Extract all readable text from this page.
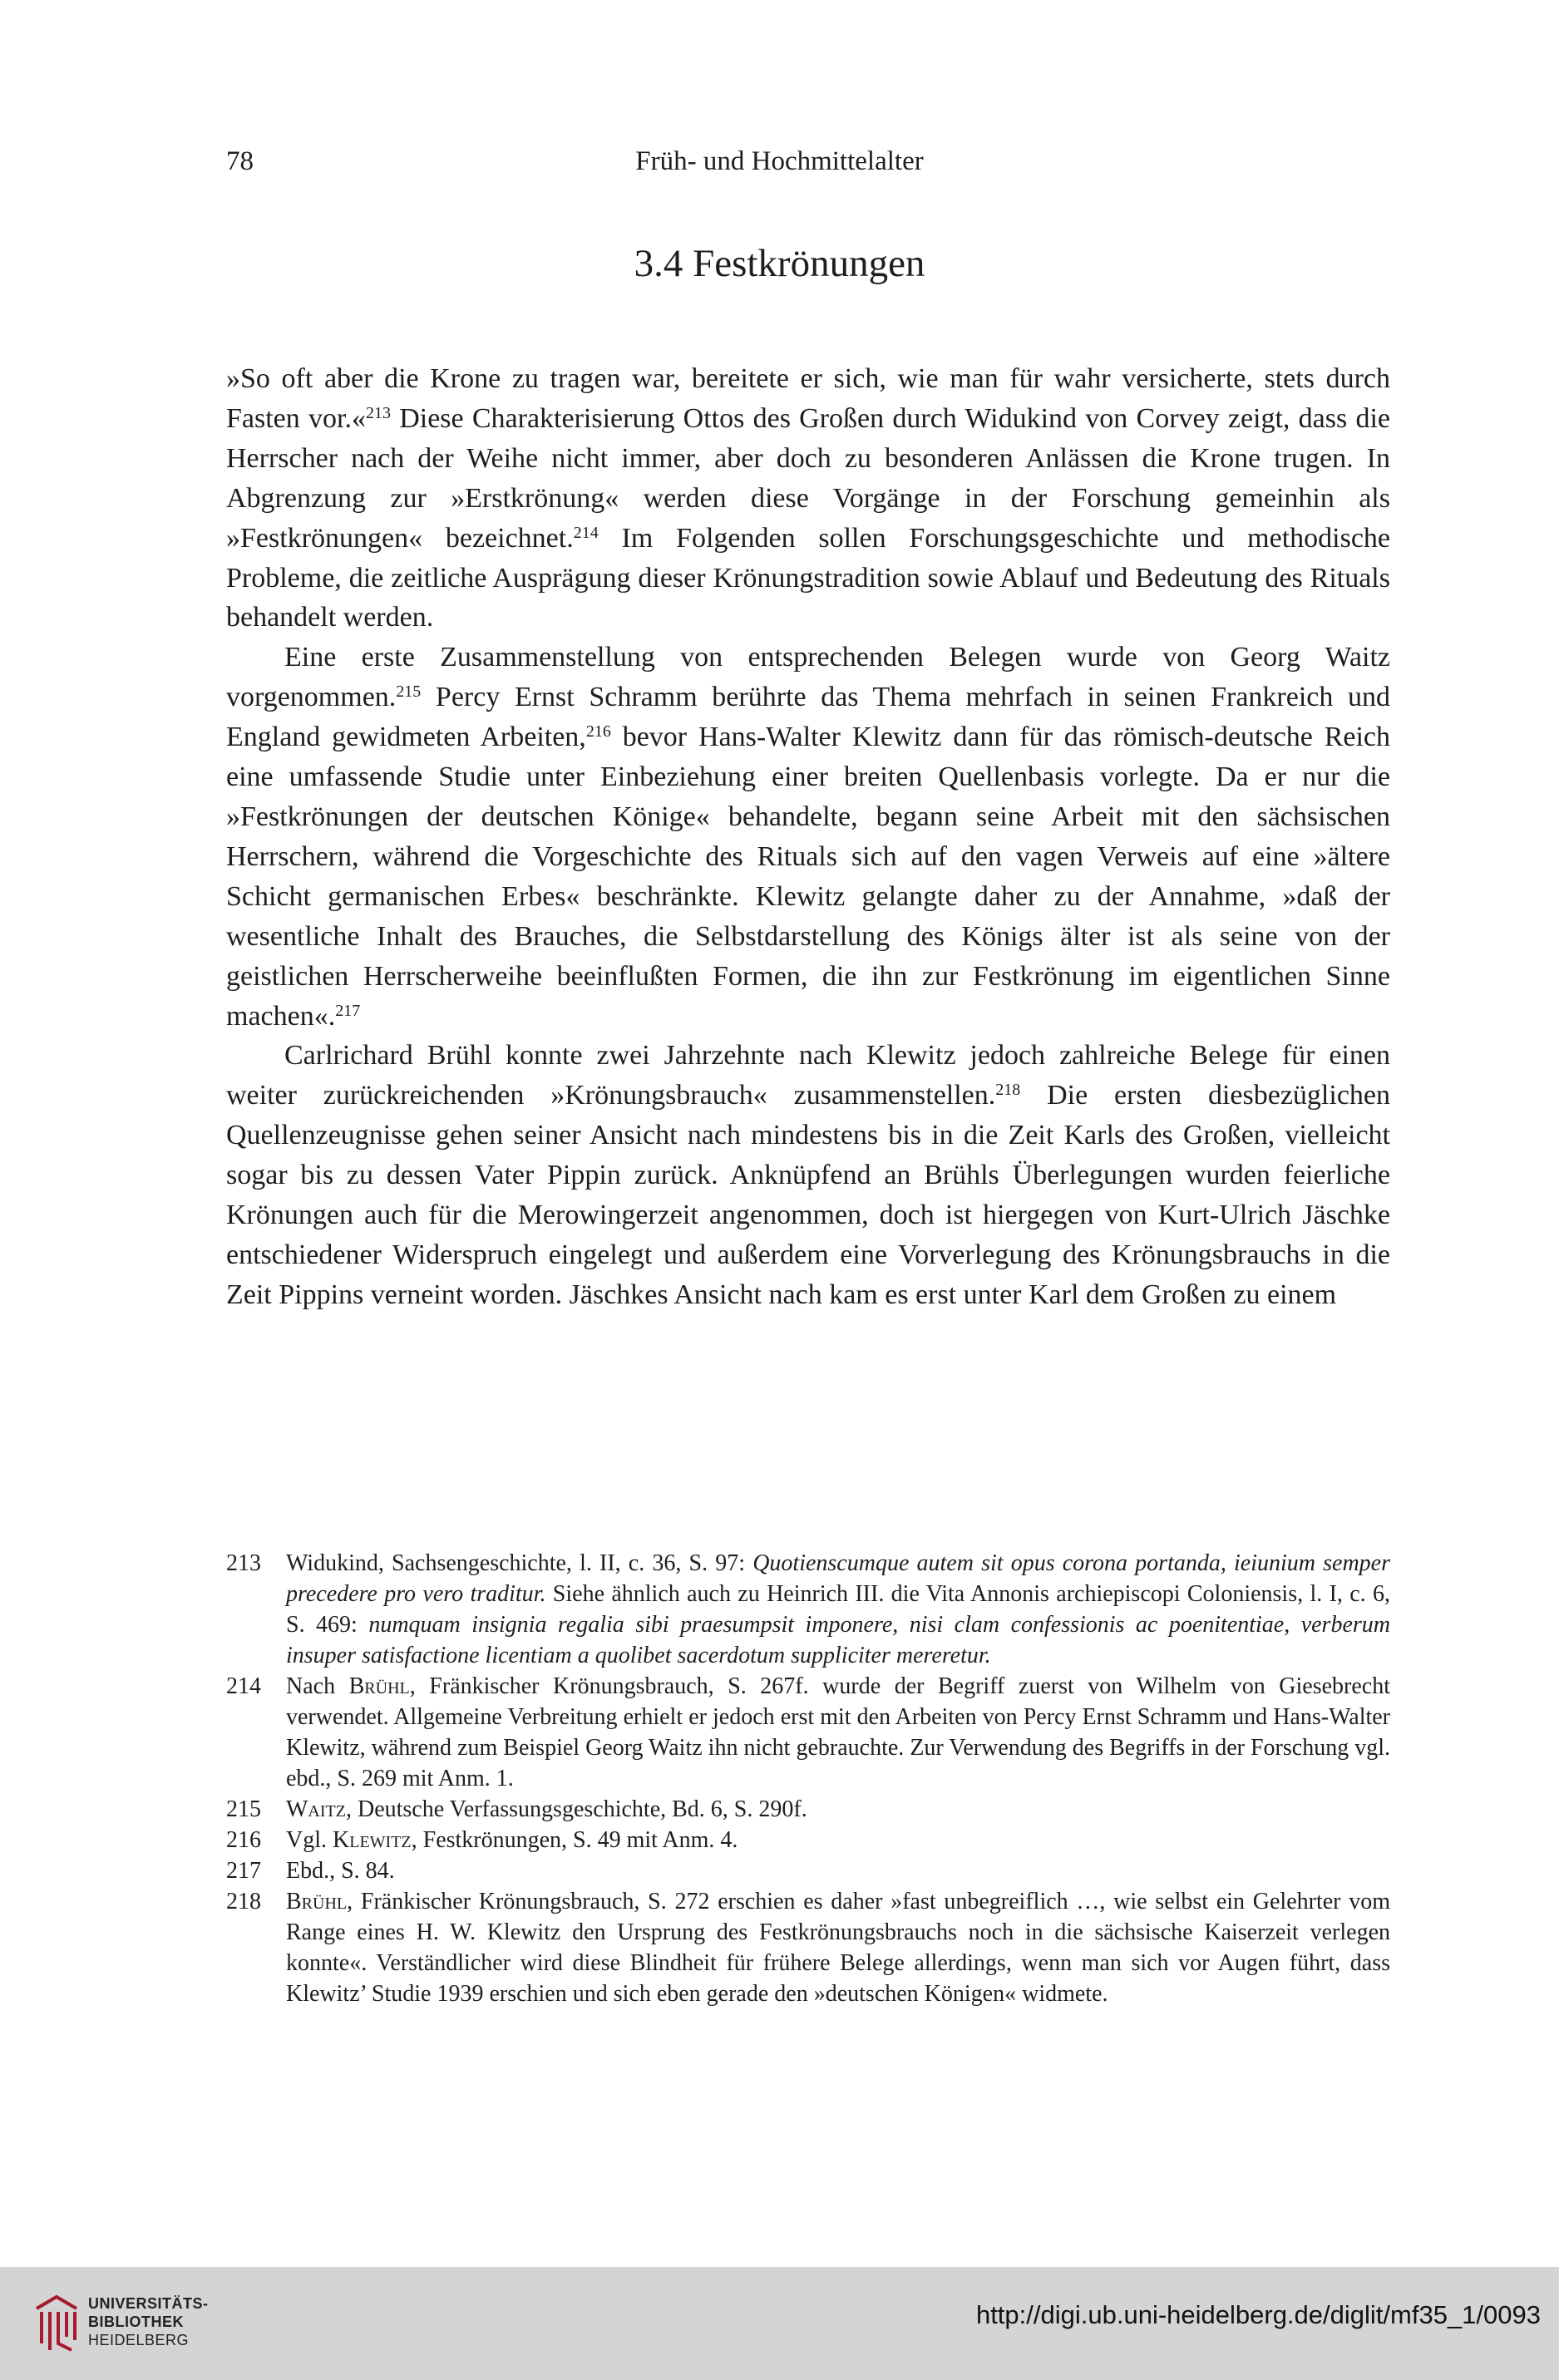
78	Früh- und Hochmittelalter
3.4 Festkrönungen

»So oft aber die Krone zu tragen war, bereitete er sich, wie man für wahr versicherte, stets durch Fasten vor.«$^{213}$ Diese Charakterisierung Ottos des Großen durch Widukind von Corvey zeigt, dass die Herrscher nach der Weihe nicht immer, aber doch zu besonderen Anlässen die Krone trugen. In Abgrenzung zur »Erstkrönung« werden diese Vorgänge in der Forschung gemeinhin als »Festkrönungen« bezeichnet.$^{214}$ Im Folgenden sollen Forschungsgeschichte und methodische Probleme, die zeitliche Ausprägung dieser Krönungstradition sowie Ablauf und Bedeutung des Rituals behandelt werden.

Eine erste Zusammenstellung von entsprechenden Belegen wurde von Georg Waitz vorgenommen.$^{215}$ Percy Ernst Schramm berührte das Thema mehrfach in seinen Frankreich und England gewidmeten Arbeiten,$^{216}$ bevor Hans-Walter Klewitz dann für das römisch-deutsche Reich eine umfassende Studie unter Einbeziehung einer breiten Quellenbasis vorlegte. Da er nur die »Festkrönungen der deutschen Könige« behandelte, begann seine Arbeit mit den sächsischen Herrschern, während die Vorgeschichte des Rituals sich auf den vagen Verweis auf eine »ältere Schicht germanischen Erbes« beschränkte. Klewitz gelangte daher zu der Annahme, »daß der wesentliche Inhalt des Brauches, die Selbstdarstellung des Königs älter ist als seine von der geistlichen Herrscherweihe beeinflußten Formen, die ihn zur Festkrönung im eigentlichen Sinne machen«.$^{217}$

Carlrichard Brühl konnte zwei Jahrzehnte nach Klewitz jedoch zahlreiche Belege für einen weiter zurückreichenden »Krönungsbrauch« zusammenstellen.$^{218}$ Die ersten diesbezüglichen Quellenzeugnisse gehen seiner Ansicht nach mindestens bis in die Zeit Karls des Großen, vielleicht sogar bis zu dessen Vater Pippin zurück. Anknüpfend an Brühls Überlegungen wurden feierliche Krönungen auch für die Merowingerzeit angenommen, doch ist hiergegen von Kurt-Ulrich Jäschke entschiedener Widerspruch eingelegt und außerdem eine Vorverlegung des Krönungsbrauchs in die Zeit Pippins verneint worden. Jäschkes Ansicht nach kam es erst unter Karl dem Großen zu einem

213	Widukind, Sachsengeschichte, l. II, c. 36, S. 97: Quotienscumque autem sit opus corona portanda, ieiunium semper precedere pro vero traditur. Siehe ähnlich auch zu Heinrich III. die Vita Annonis archiepiscopi Coloniensis, l. I, c. 6, S. 469: numquam insignia regalia sibi praesumpsit imponere, nisi clam confessionis ac poenitentiae, verberum insuper satisfactione licentiam a quolibet sacerdotum suppliciter mereretur.
214	Nach Brühl, Fränkischer Krönungsbrauch, S. 267f. wurde der Begriff zuerst von Wilhelm von Giesebrecht verwendet. Allgemeine Verbreitung erhielt er jedoch erst mit den Arbeiten von Percy Ernst Schramm und Hans-Walter Klewitz, während zum Beispiel Georg Waitz ihn nicht gebrauchte. Zur Verwendung des Begriffs in der Forschung vgl. ebd., S. 269 mit Anm. 1.
215	Waitz, Deutsche Verfassungsgeschichte, Bd. 6, S. 290f.
216	Vgl. Klewitz, Festkrönungen, S. 49 mit Anm. 4.
217	Ebd., S. 84.
218	Brühl, Fränkischer Krönungsbrauch, S. 272 erschien es daher »fast unbegreiflich …, wie selbst ein Gelehrter vom Range eines H. W. Klewitz den Ursprung des Festkrönungsbrauchs noch in die sächsische Kaiserzeit verlegen konnte«. Verständlicher wird diese Blindheit für frühere Belege allerdings, wenn man sich vor Augen führt, dass Klewitz’ Studie 1939 erschien und sich eben gerade den »deutschen Königen« widmete.
UNIVERSITÄTS-
BIBLIOTHEK
HEIDELBERG
http://digi.ub.uni-heidelberg.de/diglit/mf35_1/0093
